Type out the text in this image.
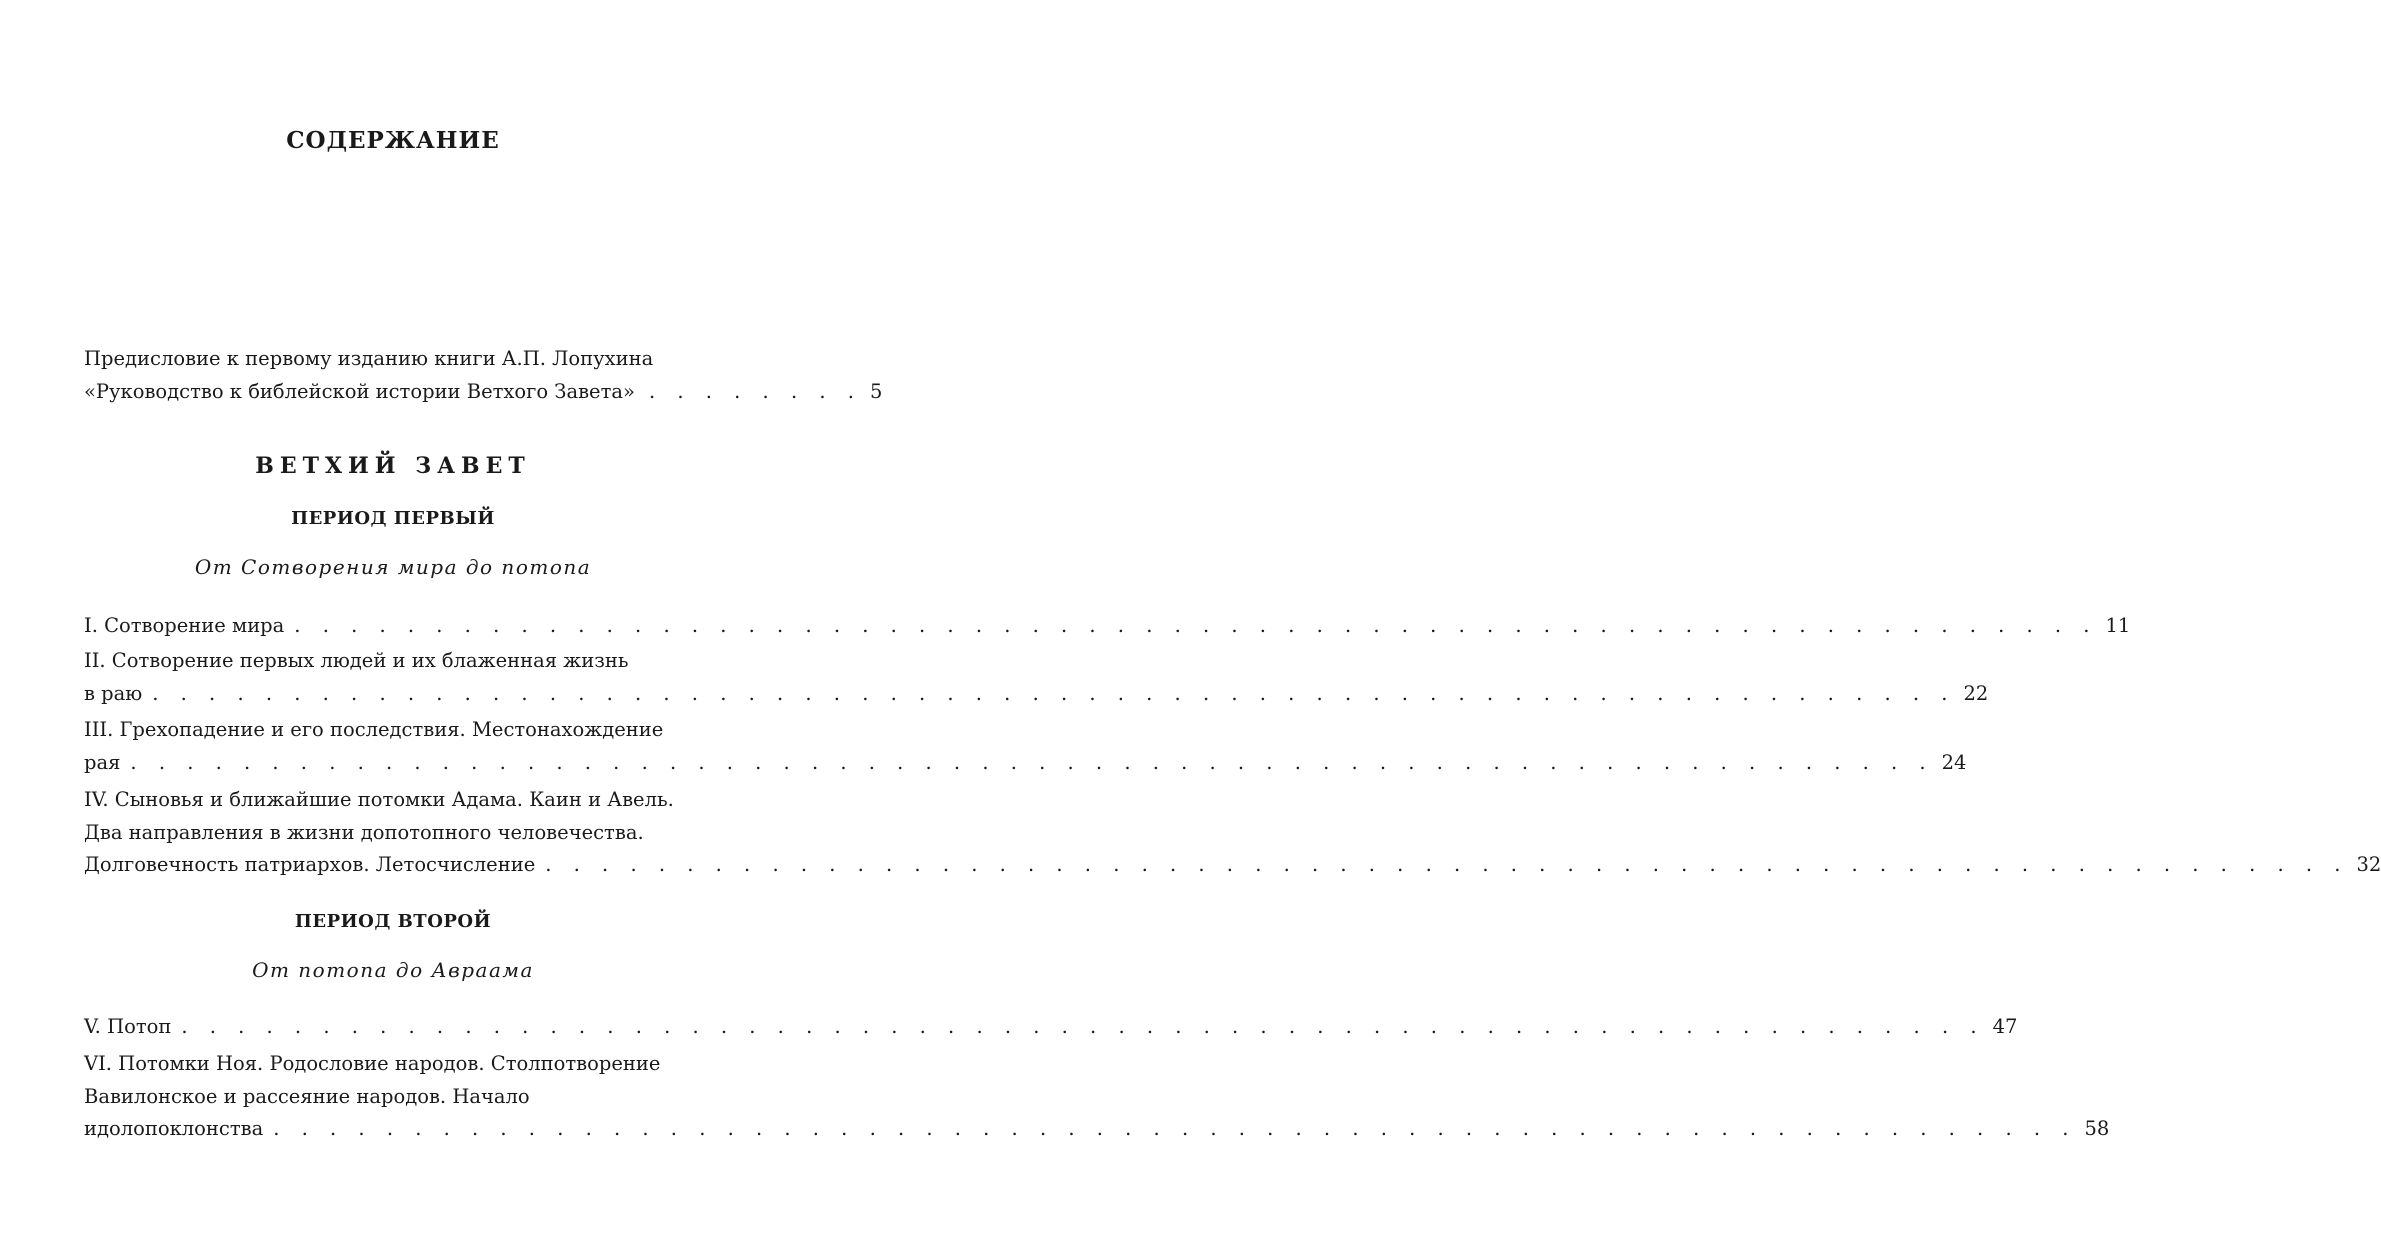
СОДЕРЖАНИЕ
Предисловие к первому изданию книги А.П. Лопухина
«Руководство к библейской истории Ветхого Завета» . . .	5
ВЕТХИЙ ЗАВЕТ
ПЕРИОД ПЕРВЫЙ
От Сотворения мира до потопа
I. Сотворение мира . . .	11
II. Сотворение первых людей и их блаженная жизнь
в раю . . .	22
III. Грехопадение и его последствия. Местонахождение
рая . . .	24
IV. Сыновья и ближайшие потомки Адама. Каин и Авель.
Два направления в жизни допотопного человечества.
Долговечность патриархов. Летосчисление . . .	32
ПЕРИОД ВТОРОЙ
От потопа до Авраама
V. Потоп . . .	47
VI. Потомки Ноя. Родословие народов. Столпотворение
Вавилонское и рассеяние народов. Начало
идолопоклонства . . .	58
